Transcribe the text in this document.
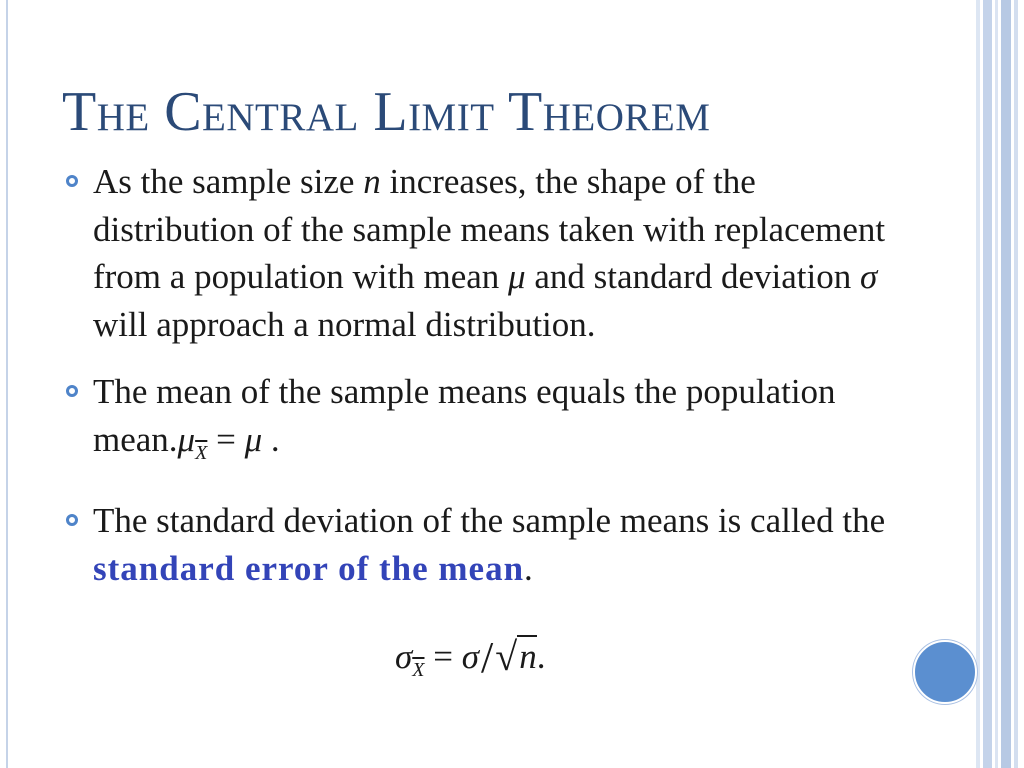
The Central Limit Theorem
As the sample size n increases, the shape of the distribution of the sample means taken with replacement from a population with mean μ and standard deviation σ will approach a normal distribution.
The mean of the sample means equals the population $mean.\mu_{\overline{X}} = \mu$ .
The standard deviation of the sample means is called the standard error of the mean.
$\sigma_{\overline{X}} = \sigma/√n$.
